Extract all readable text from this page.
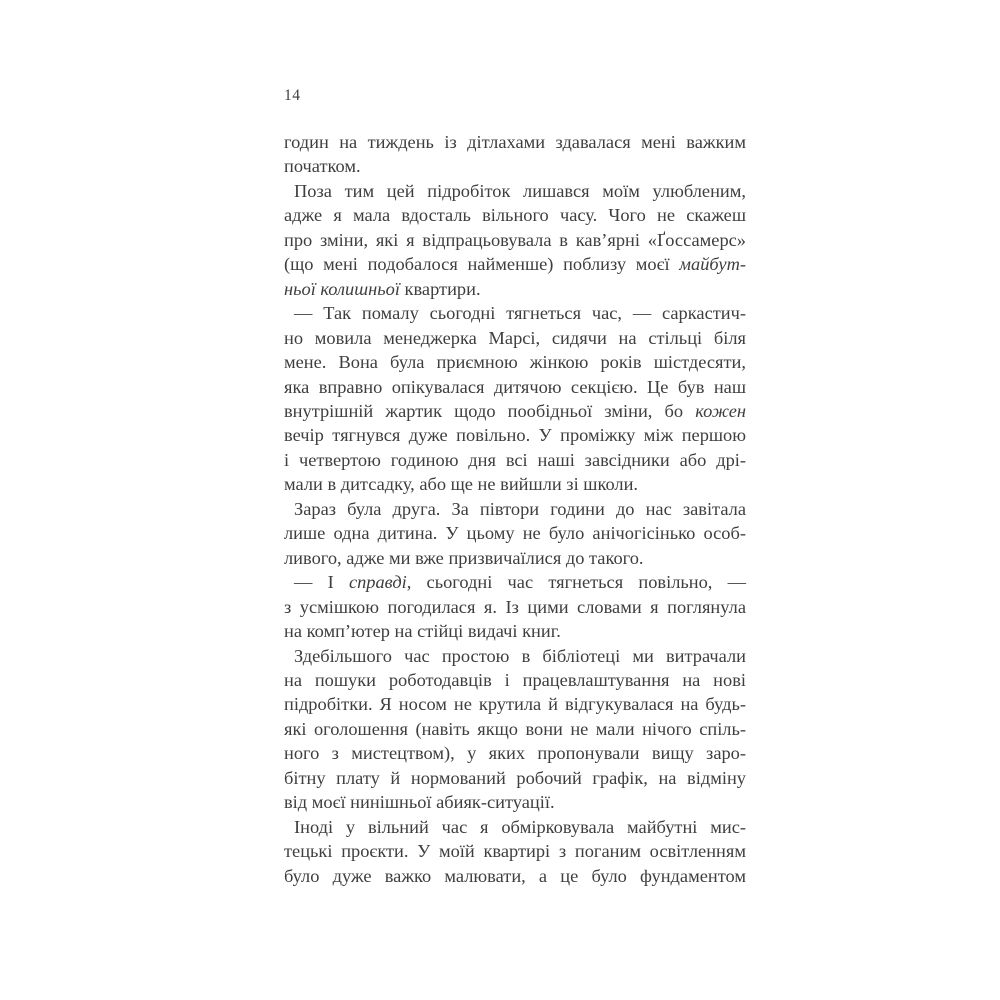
14
годин на тиждень із дітлахами здавалася мені важким
початком.
Поза тим цей підробіток лишався моїм улюбленим,
адже я мала вдосталь вільного часу. Чого не скажеш
про зміни, які я відпрацьовувала в кав’ярні «Ґоссамерс»
(що мені подобалося найменше) поблизу моєї майбут-
ньої колишньої квартири.
— Так помалу сьогодні тягнеться час, — саркастич-
но мовила менеджерка Марсі, сидячи на стільці біля
мене. Вона була приємною жінкою років шістдесяти,
яка вправно опікувалася дитячою секцією. Це був наш
внутрішній жартик щодо пообідньої зміни, бо кожен
вечір тягнувся дуже повільно. У проміжку між першою
і четвертою годиною дня всі наші завсідники або дрі-
мали в дитсадку, або ще не вийшли зі школи.
Зараз була друга. За півтори години до нас завітала
лише одна дитина. У цьому не було анічогісінько особ-
ливого, адже ми вже призвичаїлися до такого.
— І справді, сьогодні час тягнеться повільно, —
з усмішкою погодилася я. Із цими словами я поглянула
на комп’ютер на стійці видачі книг.
Здебільшого час простою в бібліотеці ми витрачали
на пошуки роботодавців і працевлаштування на нові
підробітки. Я носом не крутила й відгукувалася на будь-
які оголошення (навіть якщо вони не мали нічого спіль-
ного з мистецтвом), у яких пропонували вищу заро-
бітну плату й нормований робочий графік, на відміну
від моєї нинішньої абияк-ситуації.
Іноді у вільний час я обмірковувала майбутні мис-
тецькі проєкти. У моїй квартирі з поганим освітленням
було дуже важко малювати, а це було фундаментом
